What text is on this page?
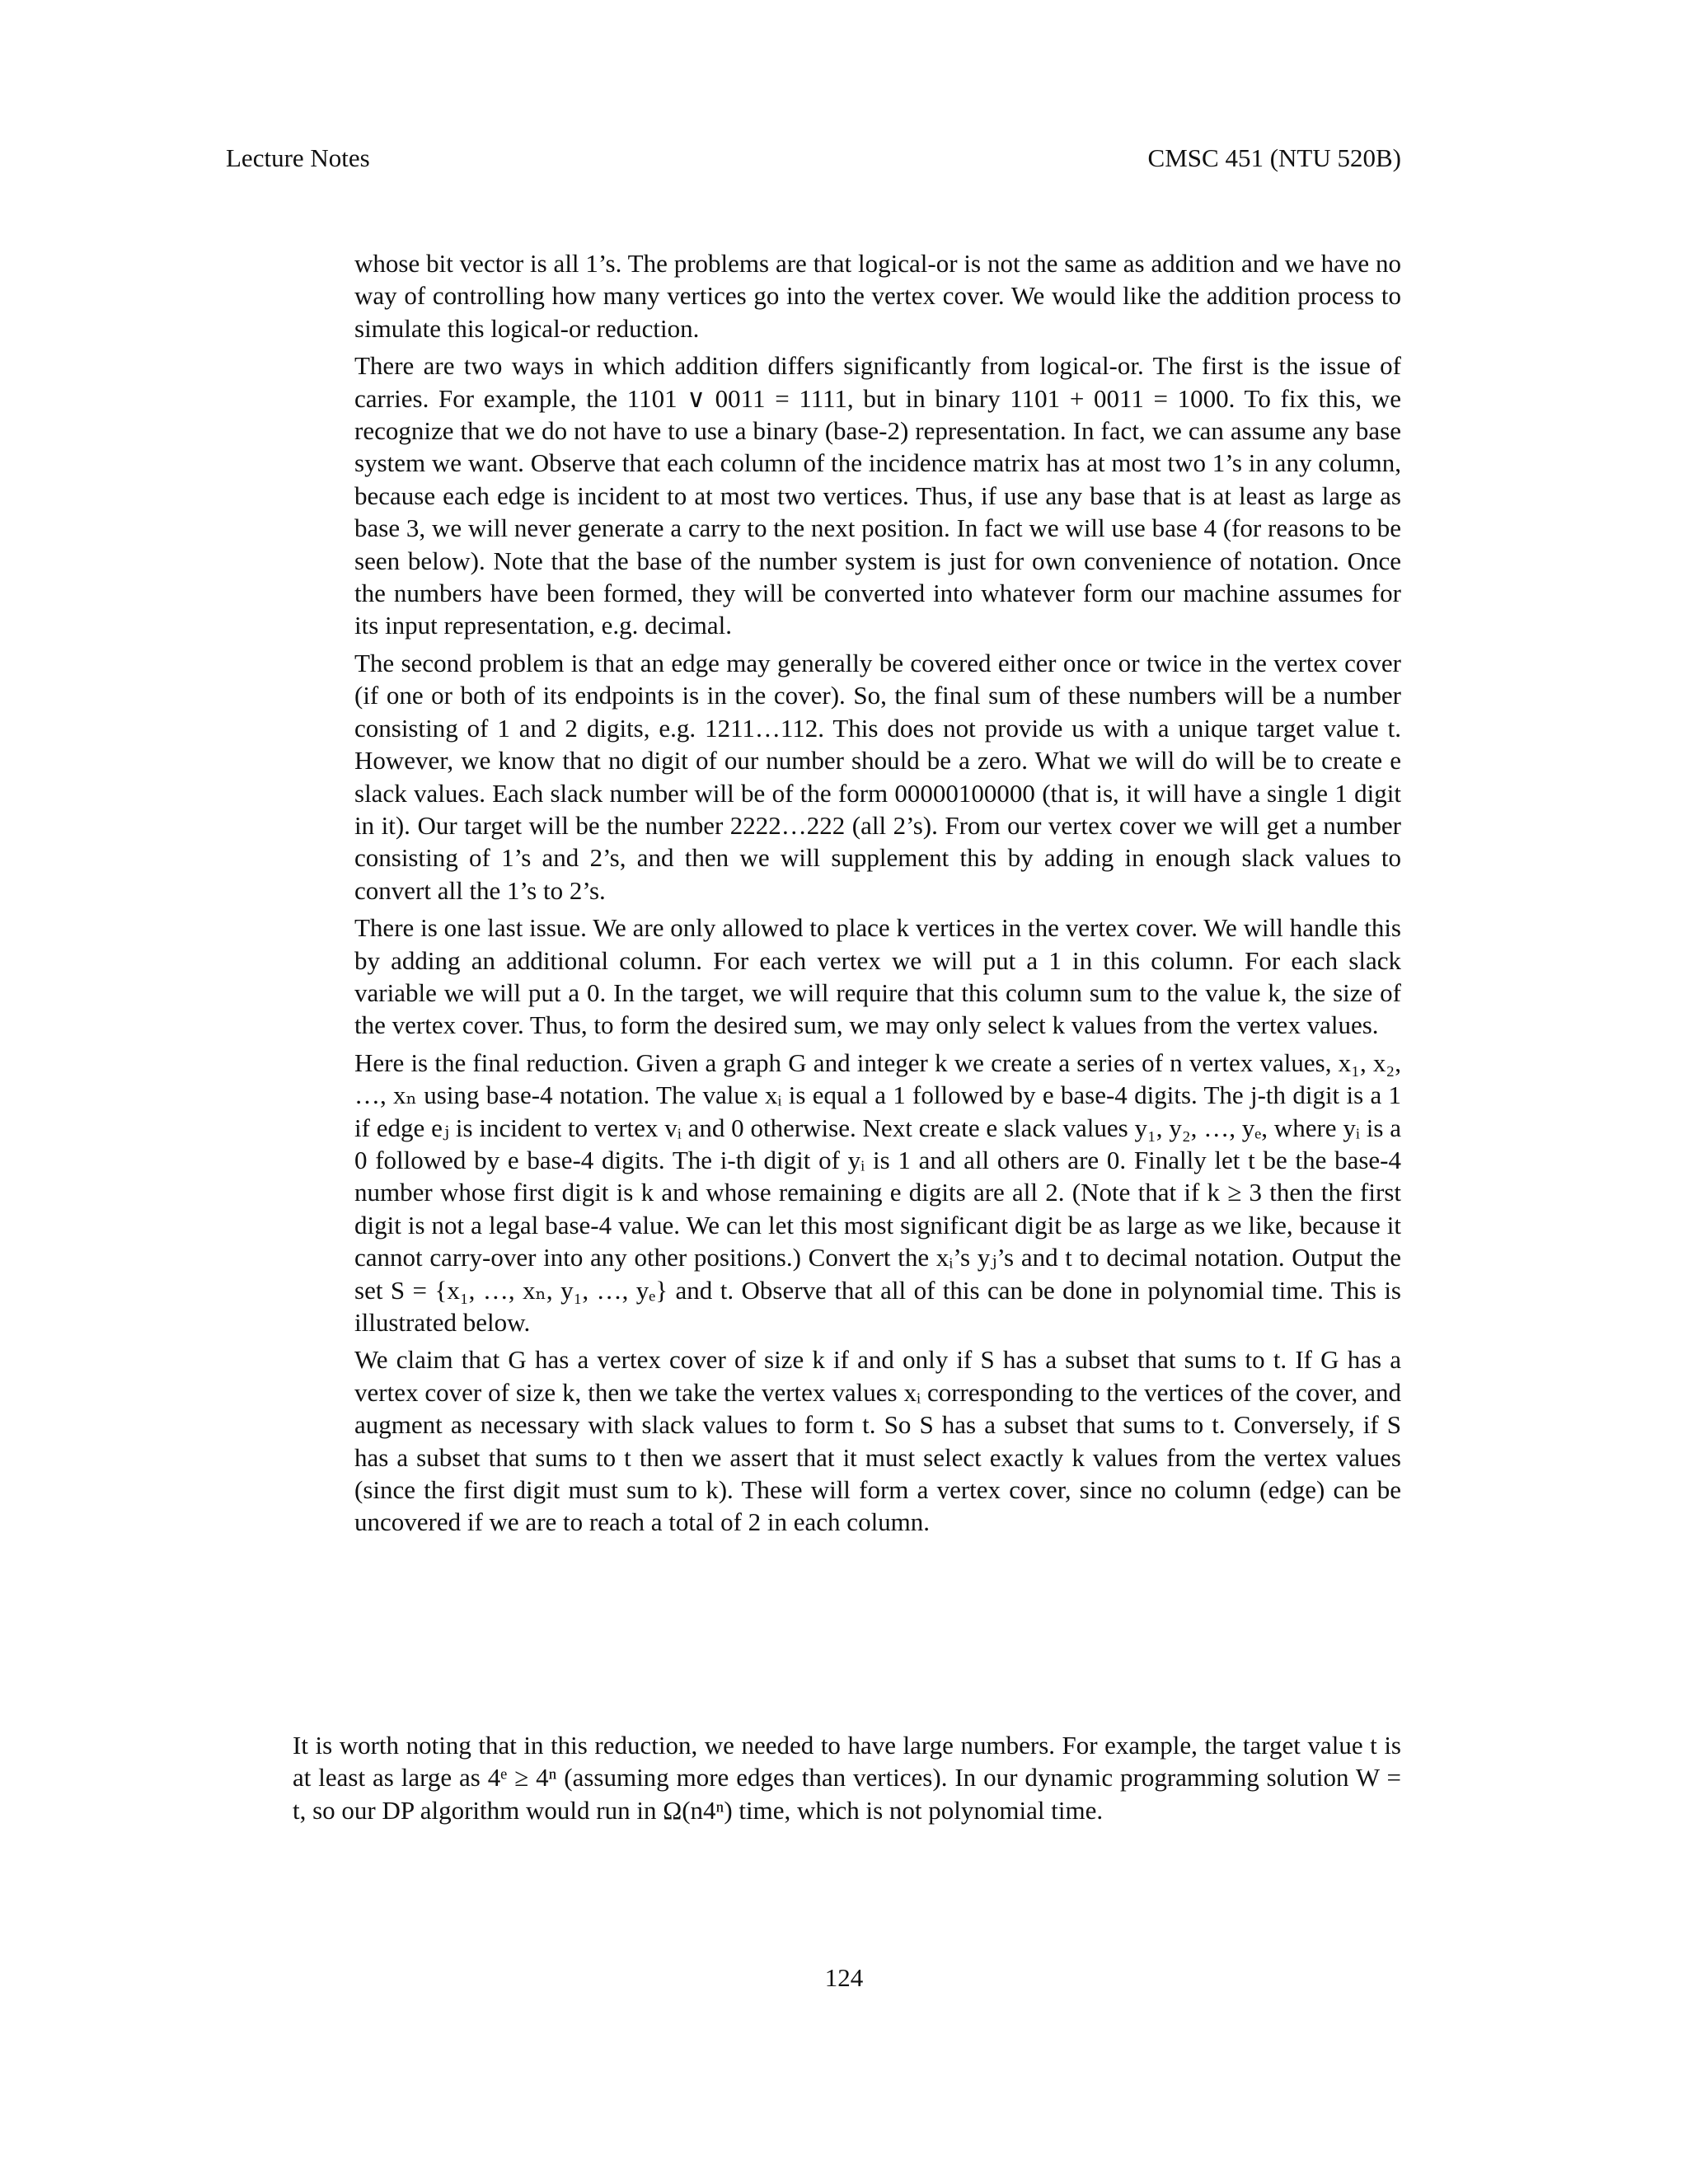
Lecture Notes	CMSC 451 (NTU 520B)

whose bit vector is all 1’s. The problems are that logical-or is not the same as addition and we have no way of controlling how many vertices go into the vertex cover. We would like the addition process to simulate this logical-or reduction.

There are two ways in which addition differs significantly from logical-or. The first is the issue of carries. For example, the 1101 ∨ 0011 = 1111, but in binary 1101 + 0011 = 1000. To fix this, we recognize that we do not have to use a binary (base-2) representation. In fact, we can assume any base system we want. Observe that each column of the incidence matrix has at most two 1’s in any column, because each edge is incident to at most two vertices. Thus, if use any base that is at least as large as base 3, we will never generate a carry to the next position. In fact we will use base 4 (for reasons to be seen below). Note that the base of the number system is just for own convenience of notation. Once the numbers have been formed, they will be converted into whatever form our machine assumes for its input representation, e.g. decimal.

The second problem is that an edge may generally be covered either once or twice in the vertex cover (if one or both of its endpoints is in the cover). So, the final sum of these numbers will be a number consisting of 1 and 2 digits, e.g. 1211…112. This does not provide us with a unique target value t. However, we know that no digit of our number should be a zero. What we will do will be to create e slack values. Each slack number will be of the form 00000100000 (that is, it will have a single 1 digit in it). Our target will be the number 2222…222 (all 2’s). From our vertex cover we will get a number consisting of 1’s and 2’s, and then we will supplement this by adding in enough slack values to convert all the 1’s to 2’s.

There is one last issue. We are only allowed to place k vertices in the vertex cover. We will handle this by adding an additional column. For each vertex we will put a 1 in this column. For each slack variable we will put a 0. In the target, we will require that this column sum to the value k, the size of the vertex cover. Thus, to form the desired sum, we may only select k values from the vertex values.

Here is the final reduction. Given a graph G and integer k we create a series of n vertex values, x₁, x₂, …, xₙ using base-4 notation. The value xᵢ is equal a 1 followed by e base-4 digits. The j-th digit is a 1 if edge eⱼ is incident to vertex vᵢ and 0 otherwise. Next create e slack values y₁, y₂, …, yₑ, where yᵢ is a 0 followed by e base-4 digits. The i-th digit of yᵢ is 1 and all others are 0. Finally let t be the base-4 number whose first digit is k and whose remaining e digits are all 2. (Note that if k ≥ 3 then the first digit is not a legal base-4 value. We can let this most significant digit be as large as we like, because it cannot carry-over into any other positions.) Convert the xᵢ’s yⱼ’s and t to decimal notation. Output the set S = {x₁, …, xₙ, y₁, …, yₑ} and t. Observe that all of this can be done in polynomial time. This is illustrated below.

We claim that G has a vertex cover of size k if and only if S has a subset that sums to t. If G has a vertex cover of size k, then we take the vertex values xᵢ corresponding to the vertices of the cover, and augment as necessary with slack values to form t. So S has a subset that sums to t. Conversely, if S has a subset that sums to t then we assert that it must select exactly k values from the vertex values (since the first digit must sum to k). These will form a vertex cover, since no column (edge) can be uncovered if we are to reach a total of 2 in each column.

It is worth noting that in this reduction, we needed to have large numbers. For example, the target value t is at least as large as 4ᵉ ≥ 4ⁿ (assuming more edges than vertices). In our dynamic programming solution W = t, so our DP algorithm would run in Ω(n4ⁿ) time, which is not polynomial time.

124
